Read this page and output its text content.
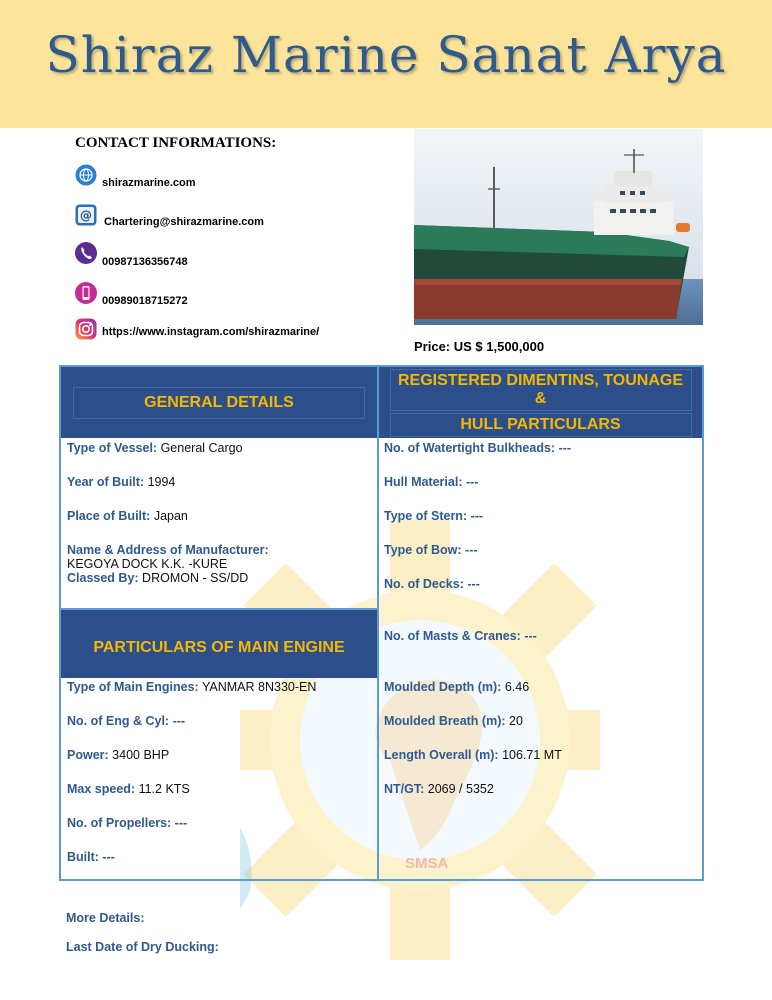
Shiraz Marine Sanat Arya
CONTACT INFORMATIONS:
shirazmarine.com
@ Chartering@shirazmarine.com
00987136356748
00989018715272
https://www.instagram.com/shirazmarine/
Price: US $ 1,500,000
GENERAL DETAILS
REGISTERED DIMENTINS, TOUNAGE &
HULL PARTICULARS
Type of Vessel: General Cargo
Year of Built: 1994
Place of Built: Japan
Name & Address of Manufacturer:
KEGOYA DOCK K.K. -KURE
Classed By: DROMON - SS/DD
PARTICULARS OF MAIN ENGINE
Type of Main Engines: YANMAR 8N330-EN
No. of Eng & Cyl: ---
Power: 3400 BHP
Max speed: 11.2 KTS
No. of Propellers: ---
Built: ---
No. of Watertight Bulkheads: ---
Hull Material: ---
Type of Stern: ---
Type of Bow: ---
No. of Decks: ---
No. of Masts & Cranes: ---
Moulded Depth (m): 6.46
Moulded Breath (m): 20
Length Overall (m): 106.71 MT
NT/GT: 2069 / 5352
SMSA
More Details:
Last Date of Dry Ducking:
